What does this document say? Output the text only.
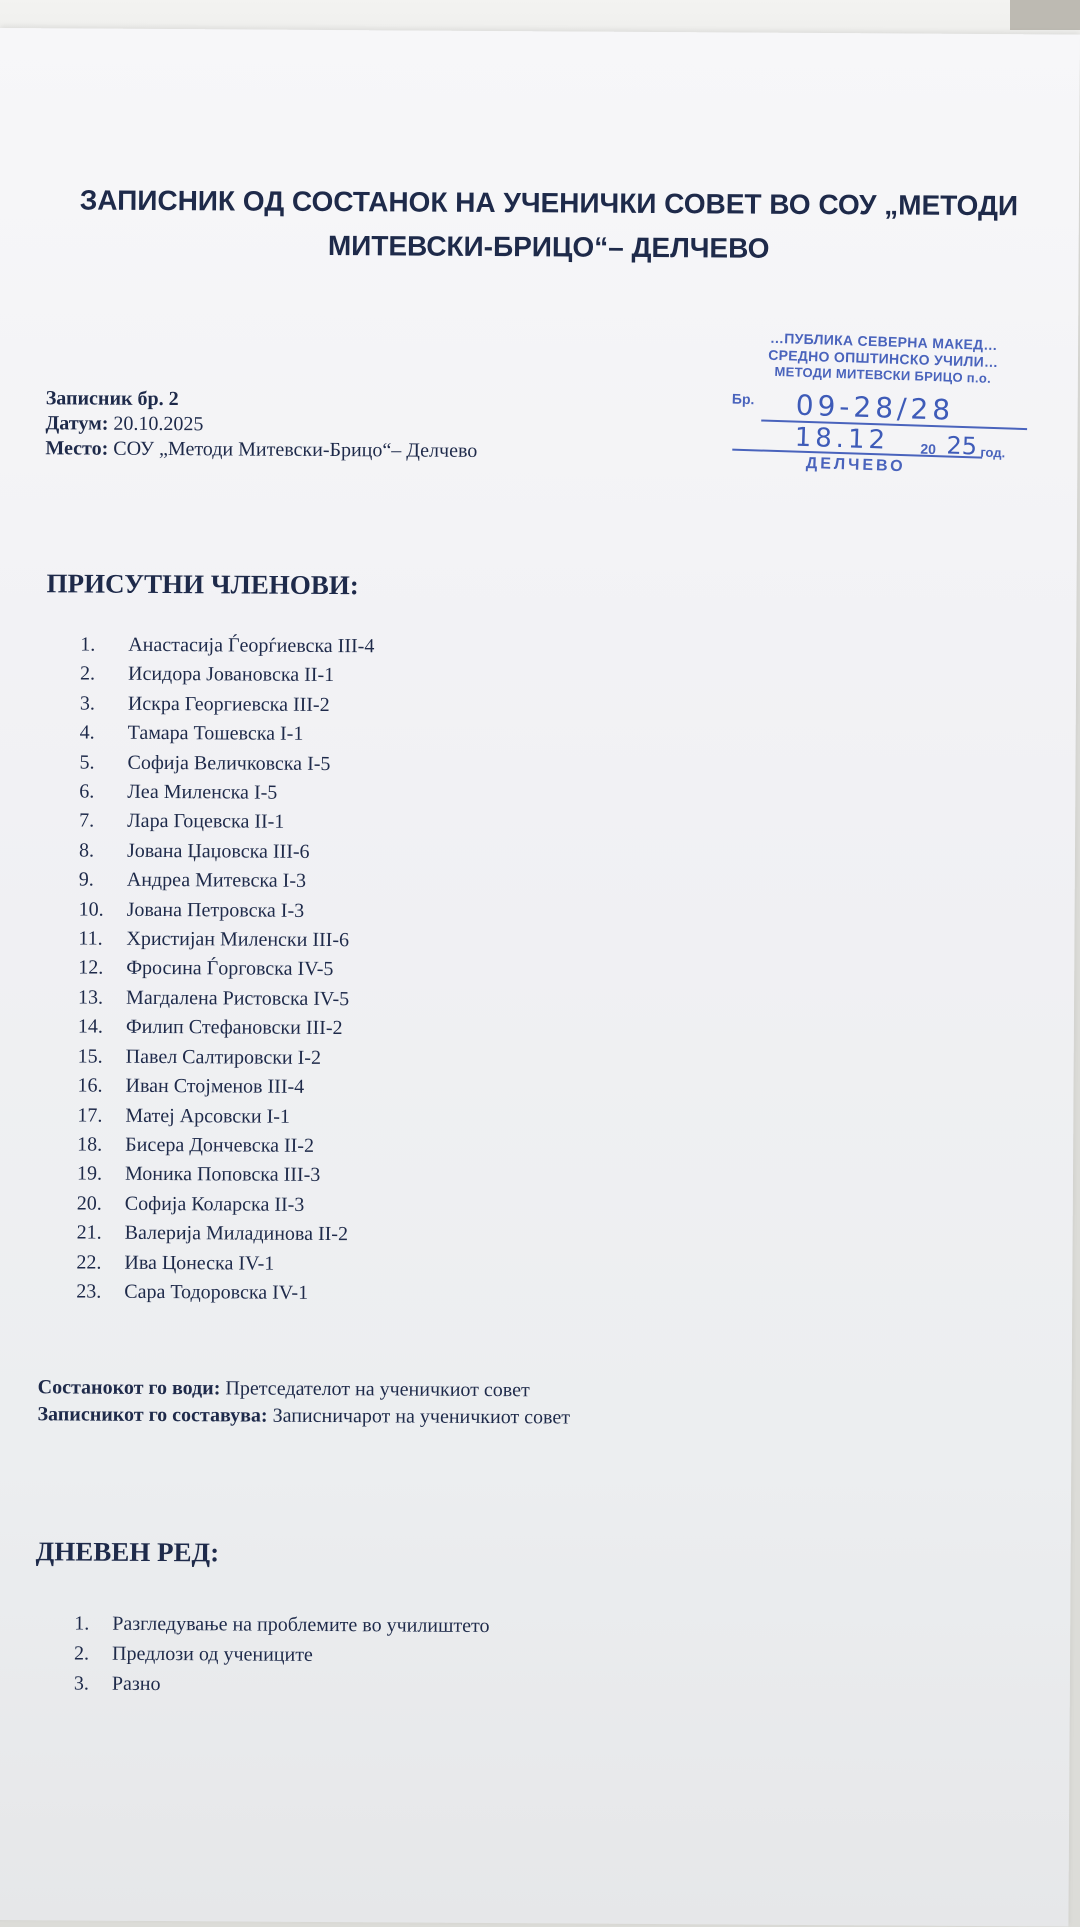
ЗАПИСНИК ОД СОСТАНОК НА УЧЕНИЧКИ СОВЕТ ВО СОУ „МЕТОДИ МИТЕВСКИ-БРИЦО“– ДЕЛЧЕВО
Записник бр. 2
Датум: 20.10.2025
Место: СОУ „Методи Митевски-Брицо“– Делчево
…ПУБЛИКА СЕВЕРНА МАКЕД…
СРЕДНО ОПШТИНСКО УЧИЛИ…
МЕТОДИ МИТЕВСКИ БРИЦО п.о.
Бр. 09-28/28
18.12 20 25 год.
ДЕЛЧЕВО
ПРИСУТНИ ЧЛЕНОВИ:
1. Анастасија Ѓеорѓиевска III-4
2. Исидора Јовановска II-1
3. Искра Георгиевска III-2
4. Тамара Тошевска I-1
5. Софија Величковска I-5
6. Леа Миленска I-5
7. Лара Гоцевска II-1
8. Јована Џаџовска III-6
9. Андреа Митевска I-3
10. Јована Петровска I-3
11. Христијан Миленски III-6
12. Фросина Ѓорговска IV-5
13. Магдалена Ристовска IV-5
14. Филип Стефановски III-2
15. Павел Салтировски I-2
16. Иван Стојменов III-4
17. Матеј Арсовски I-1
18. Бисера Дончевска II-2
19. Моника Поповска III-3
20. Софија Коларска II-3
21. Валерија Миладинова II-2
22. Ива Цонеска IV-1
23. Сара Тодоровска IV-1
Состанокот го води: Претседателот на ученичкиот совет
Записникот го составува: Записничарот на ученичкиот совет
ДНЕВЕН РЕД:
1. Разгледување на проблемите во училиштето
2. Предлози од учениците
3. Разно
